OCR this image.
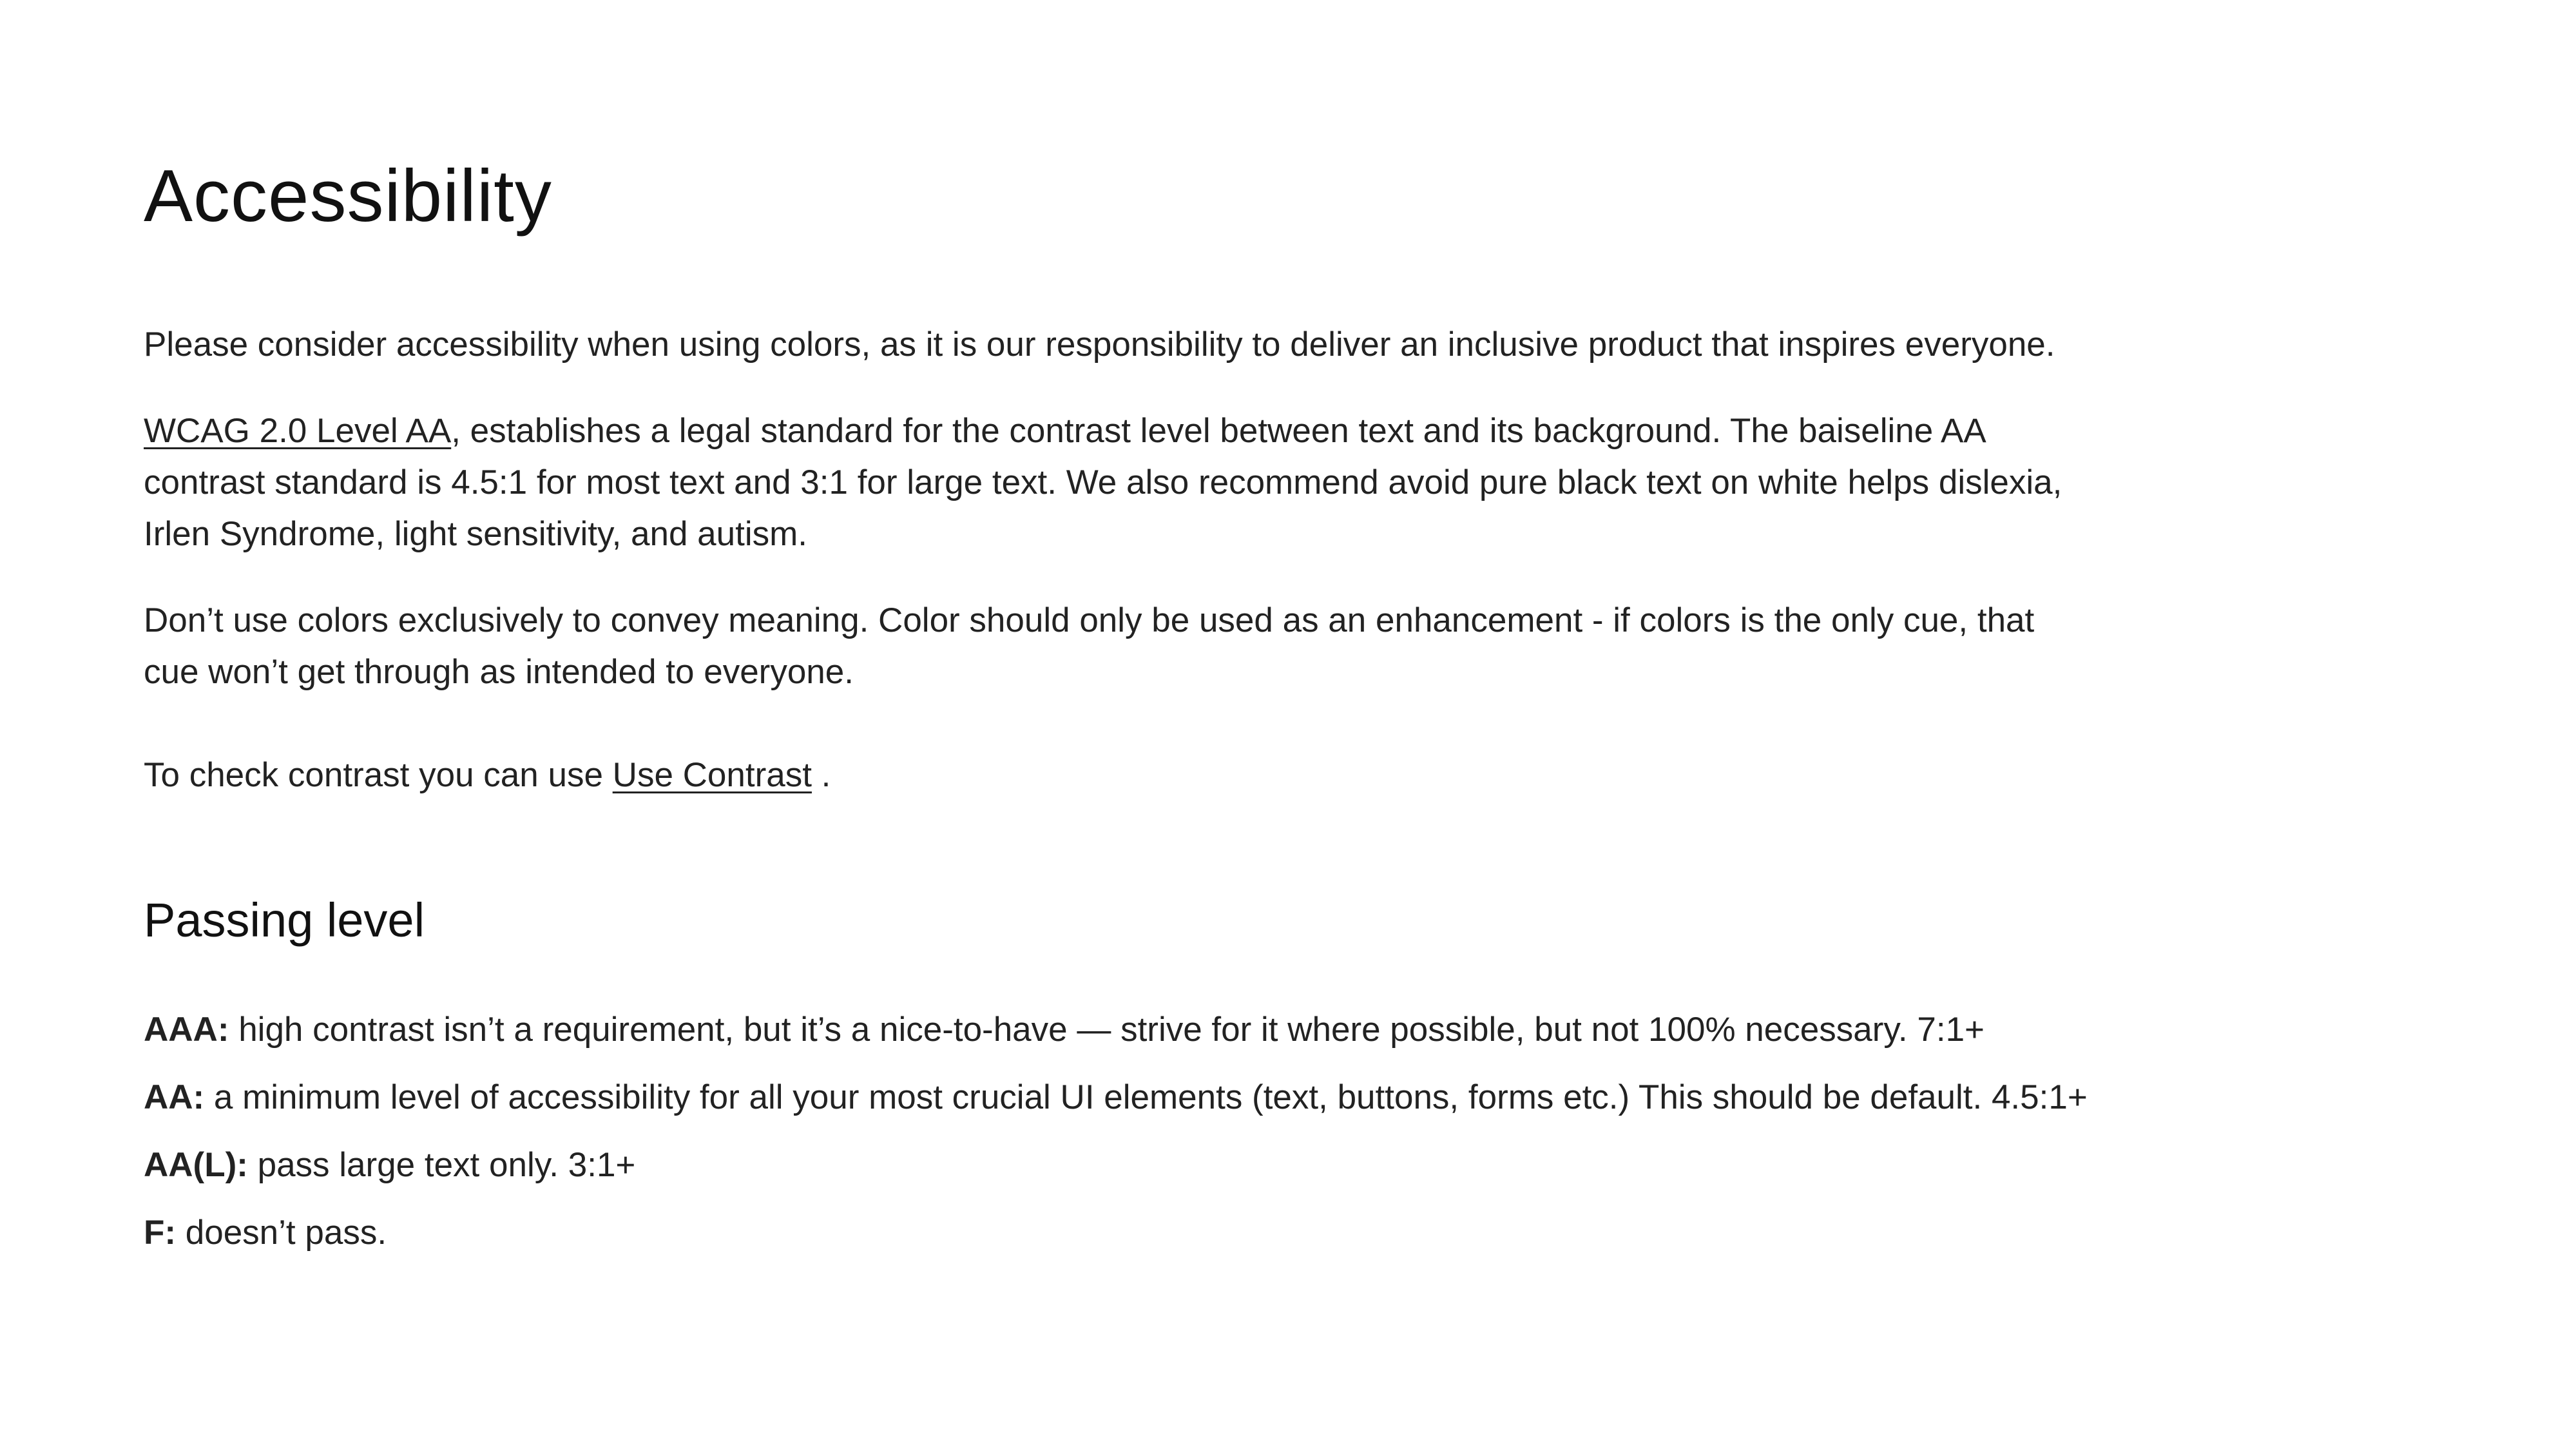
Accessibility

Please consider accessibility when using colors, as it is our responsibility to deliver an inclusive product that inspires everyone.

WCAG 2.0 Level AA, establishes a legal standard for the contrast level between text and its background. The baiseline AA
contrast standard is 4.5:1 for most text and 3:1 for large text. We also recommend avoid pure black text on white helps dislexia,
Irlen Syndrome, light sensitivity, and autism.

Don’t use colors exclusively to convey meaning. Color should only be used as an enhancement - if colors is the only cue, that
cue won’t get through as intended to everyone.

To check contrast you can use Use Contrast .

Passing level

AAA: high contrast isn’t a requirement, but it’s a nice-to-have — strive for it where possible, but not 100% necessary. 7:1+

AA: a minimum level of accessibility for all your most crucial UI elements (text, buttons, forms etc.) This should be default. 4.5:1+

AA(L): pass large text only. 3:1+

F: doesn’t pass.
